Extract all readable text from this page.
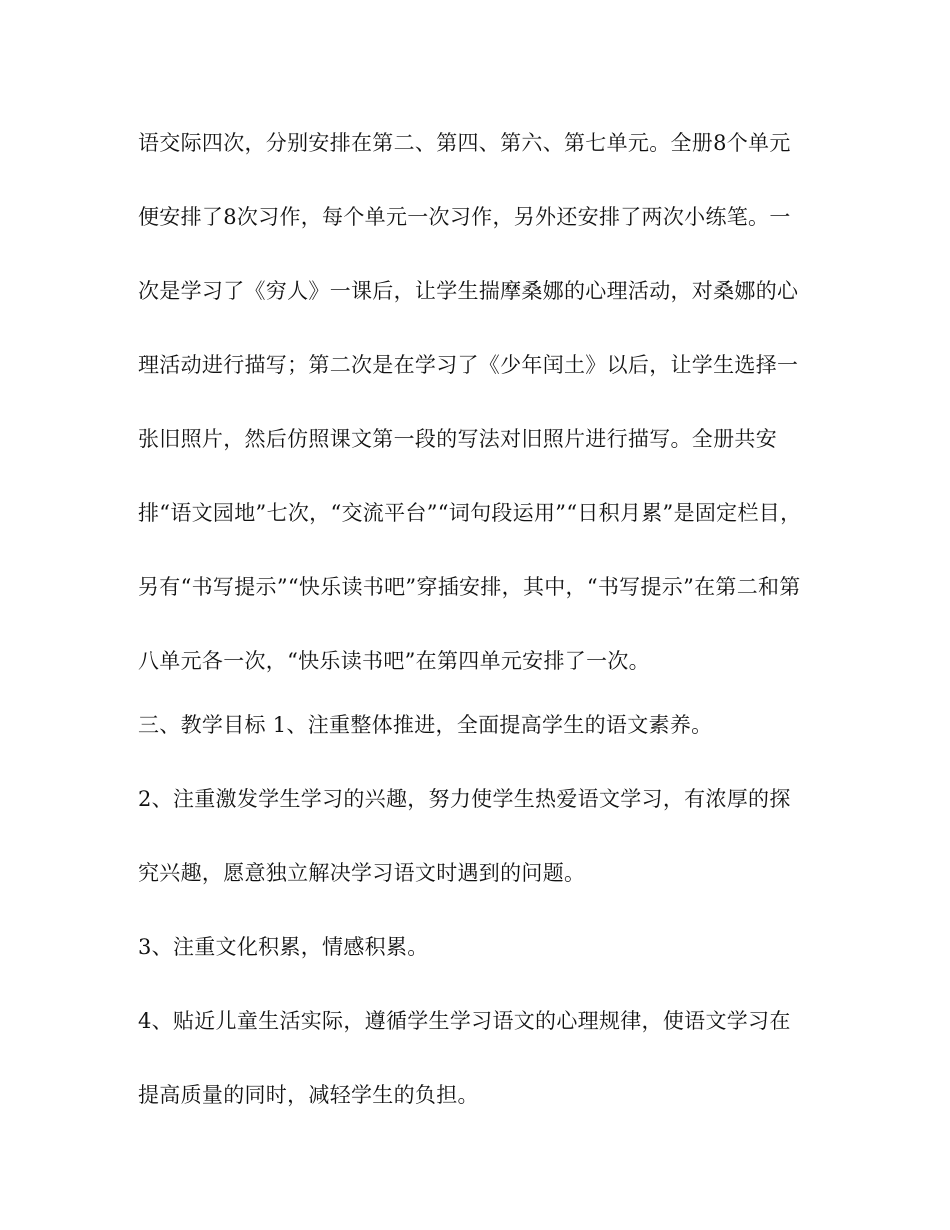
语交际四次，分别安排在第二、第四、第六、第七单元。全册8个单元
便安排了8次习作，每个单元一次习作，另外还安排了两次小练笔。一
次是学习了《穷人》一课后，让学生揣摩桑娜的心理活动，对桑娜的心
理活动进行描写；第二次是在学习了《少年闰土》以后，让学生选择一
张旧照片，然后仿照课文第一段的写法对旧照片进行描写。全册共安
排“语文园地”七次，“交流平台”“词句段运用”“日积月累”是固定栏目，
另有“书写提示”“快乐读书吧”穿插安排，其中，“书写提示”在第二和第
八单元各一次，“快乐读书吧”在第四单元安排了一次。
三、教学目标 1、注重整体推进，全面提高学生的语文素养。
2、注重激发学生学习的兴趣，努力使学生热爱语文学习，有浓厚的探
究兴趣，愿意独立解决学习语文时遇到的问题。
3、注重文化积累，情感积累。
4、贴近儿童生活实际，遵循学生学习语文的心理规律，使语文学习在
提高质量的同时，减轻学生的负担。
